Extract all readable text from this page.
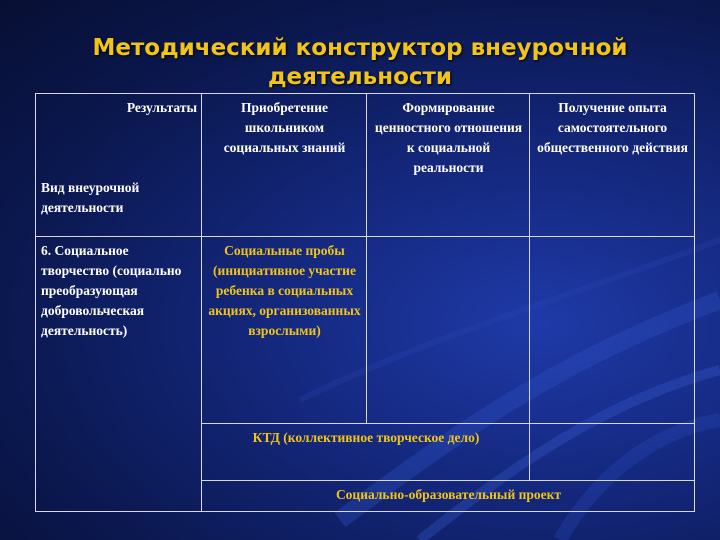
Методический конструктор внеурочной
деятельности
Результаты
Вид внеурочной деятельности	Приобретение школьником социальных знаний	Формирование ценностного отношения к социальной реальности	Получение опыта самостоятельного общественного действия
6. Социальное творчество (социально преобразующая добровольческая деятельность)	Социальные пробы (инициативное участие ребенка в социальных акциях, организованных взрослыми)		
	КТД (коллективное творческое дело)		
	Социально-образовательный проект		
